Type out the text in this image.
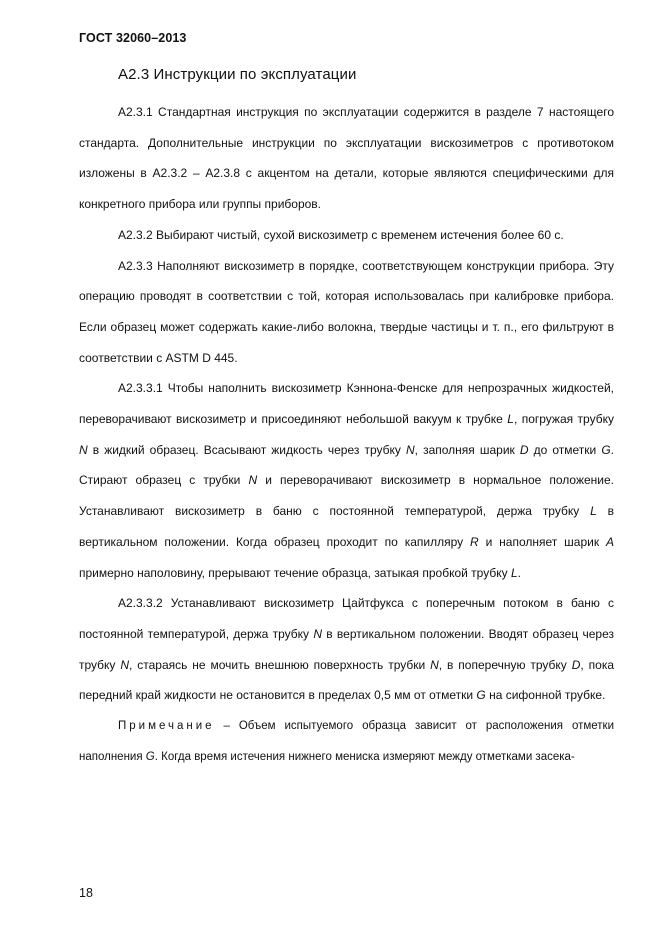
ГОСТ 32060–2013
А2.3 Инструкции по эксплуатации

А2.3.1 Стандартная инструкция по эксплуатации содержится в разделе 7 настоящего стандарта. Дополнительные инструкции по эксплуатации вискозиметров с противотоком изложены в А2.3.2 – А2.3.8 с акцентом на детали, которые являются специфическими для конкретного прибора или группы приборов.

А2.3.2 Выбирают чистый, сухой вискозиметр с временем истечения более 60 с.

А2.3.3 Наполняют вискозиметр в порядке, соответствующем конструкции прибора. Эту операцию проводят в соответствии с той, которая использовалась при калибровке прибора. Если образец может содержать какие-либо волокна, твердые частицы и т. п., его фильтруют в соответствии с ASTM D 445.

А2.3.3.1 Чтобы наполнить вискозиметр Кэннона-Фенске для непрозрачных жидкостей, переворачивают вискозиметр и присоединяют небольшой вакуум к трубке L, погружая трубку N в жидкий образец. Всасывают жидкость через трубку N, заполняя шарик D до отметки G. Стирают образец с трубки N и переворачивают вискозиметр в нормальное положение. Устанавливают вискозиметр в баню с постоянной температурой, держа трубку L в вертикальном положении. Когда образец проходит по капилляру R и наполняет шарик A примерно наполовину, прерывают течение образца, затыкая пробкой трубку L.

А2.3.3.2 Устанавливают вискозиметр Цайтфукса с поперечным потоком в баню с постоянной температурой, держа трубку N в вертикальном положении. Вводят образец через трубку N, стараясь не мочить внешнюю поверхность трубки N, в поперечную трубку D, пока передний край жидкости не остановится в пределах 0,5 мм от отметки G на сифонной трубке.

Примечание – Объем испытуемого образца зависит от расположения отметки наполнения G. Когда время истечения нижнего мениска измеряют между отметками засека-

18
